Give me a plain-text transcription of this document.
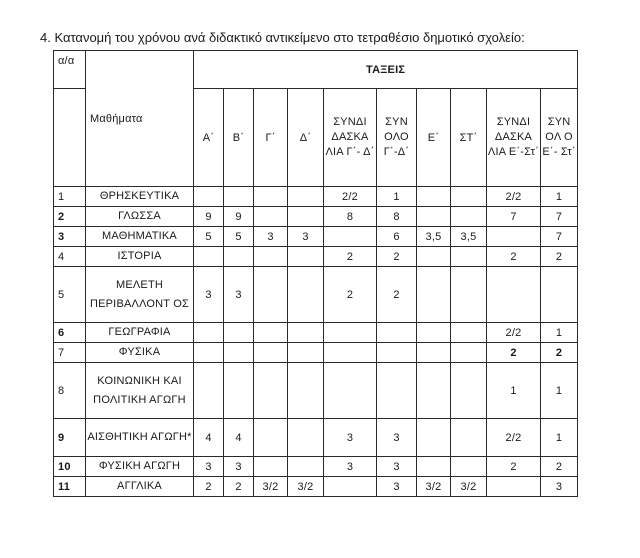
4. Κατανομή του χρόνου ανά διδακτικό αντικείμενο στο τετραθέσιο δημοτικό σχολείο:
α/α	Μαθήματα	ΤΑΞΕΙΣ									
		Α΄	Β΄	Γ΄	Δ΄	ΣΥΝΔΙ ΔΑΣΚΑ ΛΙΑ Γ΄- Δ΄	ΣΥΝ ΟΛΟ Γ΄-Δ΄	Ε΄	ΣΤ΄	ΣΥΝΔΙ ΔΑΣΚΑ ΛΙΑ Ε΄-Στ΄	ΣΥΝ ΟΛ Ο Ε΄- Στ΄
1	ΘΡΗΣΚΕΥΤΙΚΑ					2/2	1			2/2	1
2	ΓΛΩΣΣΑ	9	9			8	8			7	7
3	ΜΑΘΗΜΑΤΙΚΑ	5	5	3	3		6	3,5	3,5		7
4	ΙΣΤΟΡΙΑ					2	2			2	2
5	ΜΕΛΕΤΗ ΠΕΡΙΒΑΛΛΟΝΤ ΟΣ	3	3			2	2				
6	ΓΕΩΓΡΑΦΙΑ									2/2	1
7	ΦΥΣΙΚΑ									2	2
8	ΚΟΙΝΩΝΙΚΗ ΚΑΙ ΠΟΛΙΤΙΚΗ ΑΓΩΓΗ									1	1
9	ΑΙΣΘΗΤΙΚΗ ΑΓΩΓΗ*	4	4			3	3			2/2	1
10	ΦΥΣΙΚΗ ΑΓΩΓΗ	3	3			3	3			2	2
11	ΑΓΓΛΙΚΑ	2	2	3/2	3/2		3	3/2	3/2		3
